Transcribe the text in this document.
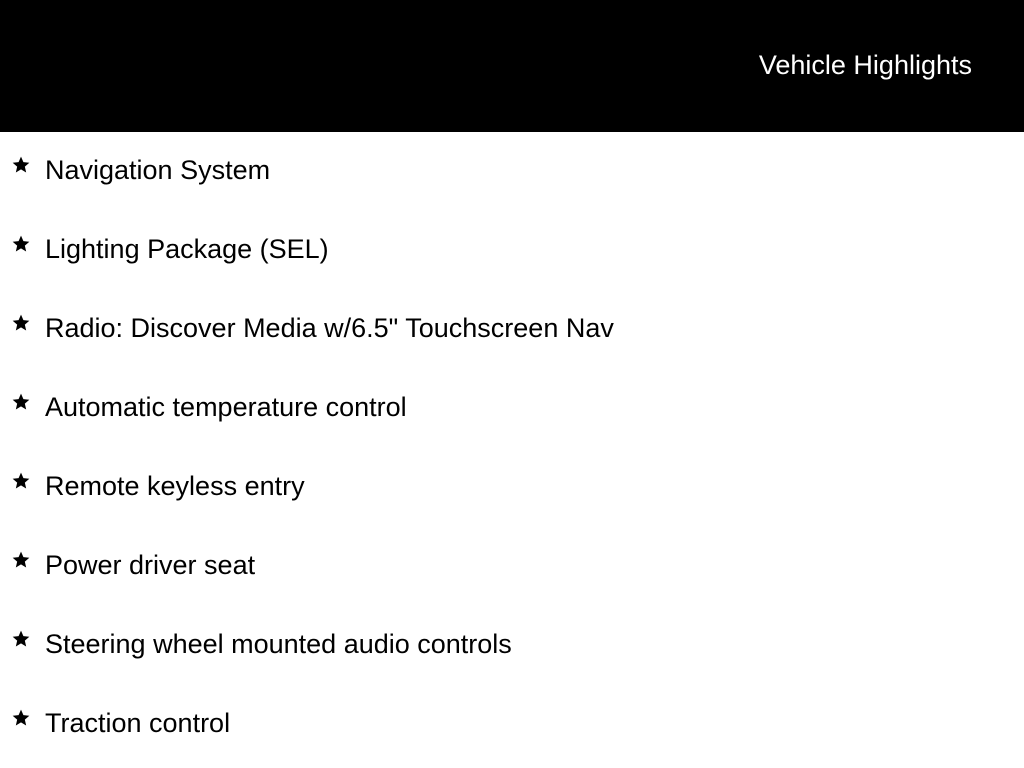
Vehicle Highlights
Navigation System
Lighting Package (SEL)
Radio: Discover Media w/6.5" Touchscreen Nav
Automatic temperature control
Remote keyless entry
Power driver seat
Steering wheel mounted audio controls
Traction control
